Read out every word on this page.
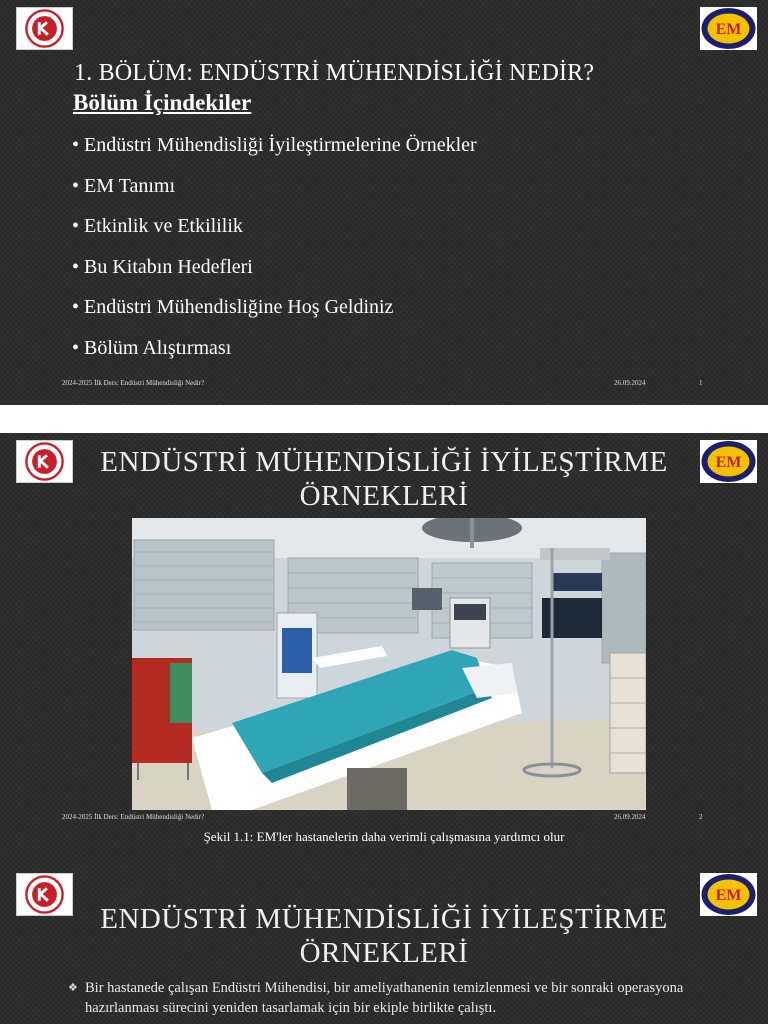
EM
1. BÖLÜM: ENDÜSTRİ MÜHENDİSLİĞİ NEDİR?
Bölüm İçindekiler
• Endüstri Mühendisliği İyileştirmelerine Örnekler
• EM Tanımı
• Etkinlik ve Etkililik
• Bu Kitabın Hedefleri
• Endüstri Mühendisliğine Hoş Geldiniz
• Bölüm Alıştırması
2024-2025 İlk Ders: Endüstri Mühendisliği Nedir?	26.09.2024	1
EM
ENDÜSTRİ MÜHENDİSLİĞİ İYİLEŞTİRME ÖRNEKLERİ
2024-2025 İlk Ders: Endüstri Mühendisliği Nedir?	26.09.2024	2
Şekil 1.1: EM'ler hastanelerin daha verimli çalışmasına yardımcı olur
EM
ENDÜSTRİ MÜHENDİSLİĞİ İYİLEŞTİRME ÖRNEKLERİ
❖ Bir hastanede çalışan Endüstri Mühendisi, bir ameliyathanenin temizlenmesi ve bir sonraki operasyona hazırlanması sürecini yeniden tasarlamak için bir ekiple birlikte çalıştı.
